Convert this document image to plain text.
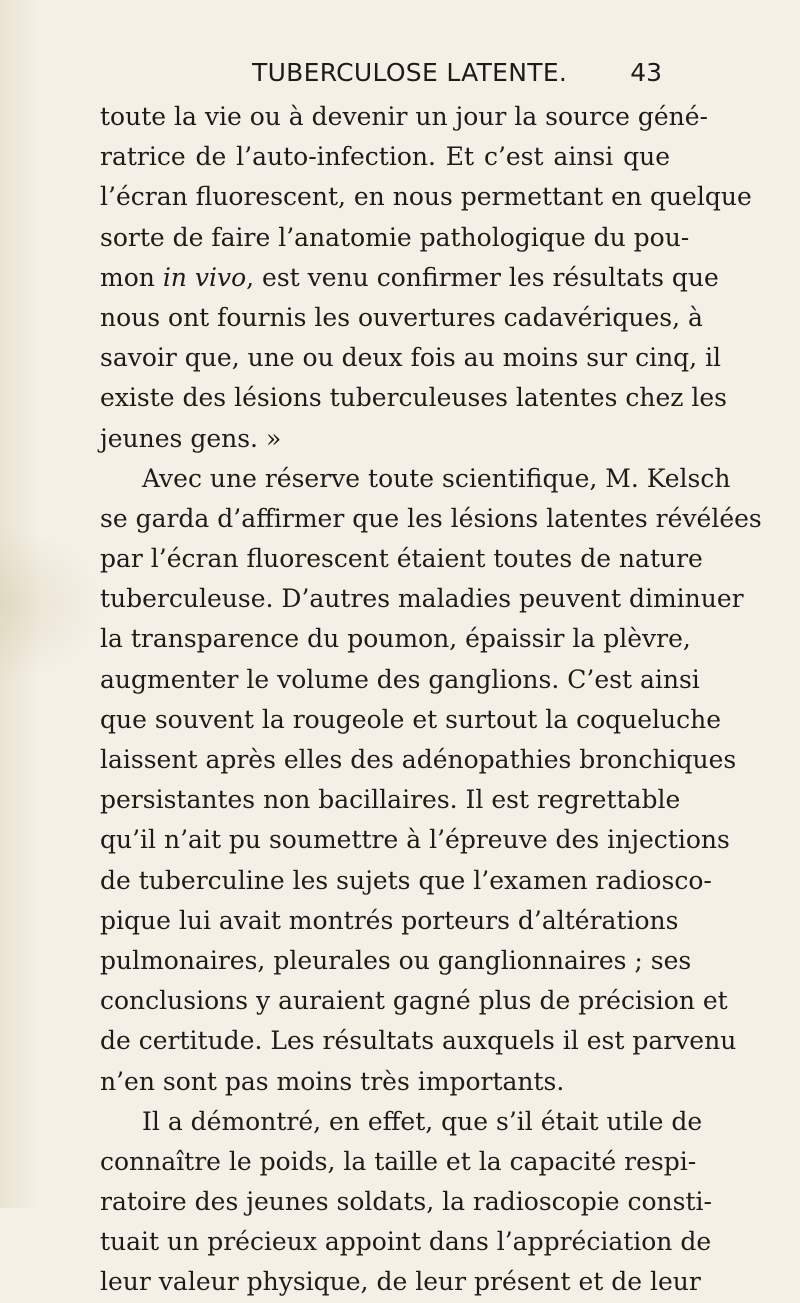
TUBERCULOSE LATENTE.	43
toute la vie ou à devenir un jour la source géné-
ratrice de l’auto-infection. Et c’est ainsi que
l’écran fluorescent, en nous permettant en quelque
sorte de faire l’anatomie pathologique du pou-
mon in vivo, est venu confirmer les résultats que
nous ont fournis les ouvertures cadavériques, à
savoir que, une ou deux fois au moins sur cinq, il
existe des lésions tuberculeuses latentes chez les
jeunes gens. »
Avec une réserve toute scientifique, M. Kelsch
se garda d’affirmer que les lésions latentes révélées
par l’écran fluorescent étaient toutes de nature
tuberculeuse. D’autres maladies peuvent diminuer
la transparence du poumon, épaissir la plèvre,
augmenter le volume des ganglions. C’est ainsi
que souvent la rougeole et surtout la coqueluche
laissent après elles des adénopathies bronchiques
persistantes non bacillaires. Il est regrettable
qu’il n’ait pu soumettre à l’épreuve des injections
de tuberculine les sujets que l’examen radiosco-
pique lui avait montrés porteurs d’altérations
pulmonaires, pleurales ou ganglionnaires ; ses
conclusions y auraient gagné plus de précision et
de certitude. Les résultats auxquels il est parvenu
n’en sont pas moins très importants.
Il a démontré, en effet, que s’il était utile de
connaître le poids, la taille et la capacité respi-
ratoire des jeunes soldats, la radioscopie consti-
tuait un précieux appoint dans l’appréciation de
leur valeur physique, de leur présent et de leur
